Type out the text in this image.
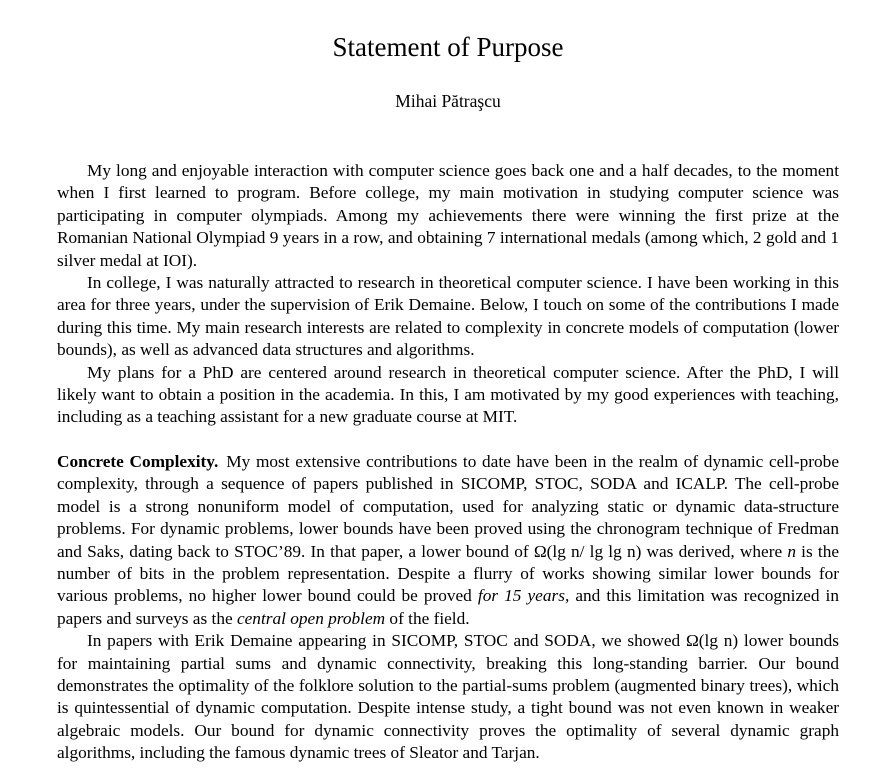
Statement of Purpose
Mihai Pătraşcu

My long and enjoyable interaction with computer science goes back one and a half decades, to the moment when I first learned to program. Before college, my main motivation in studying computer science was participating in computer olympiads. Among my achievements there were winning the first prize at the Romanian National Olympiad 9 years in a row, and obtaining 7 international medals (among which, 2 gold and 1 silver medal at IOI).

In college, I was naturally attracted to research in theoretical computer science. I have been working in this area for three years, under the supervision of Erik Demaine. Below, I touch on some of the contributions I made during this time. My main research interests are related to complexity in concrete models of computation (lower bounds), as well as advanced data structures and algorithms.

My plans for a PhD are centered around research in theoretical computer science. After the PhD, I will likely want to obtain a position in the academia. In this, I am motivated by my good experiences with teaching, including as a teaching assistant for a new graduate course at MIT.

Concrete Complexity. My most extensive contributions to date have been in the realm of dynamic cell-probe complexity, through a sequence of papers published in SICOMP, STOC, SODA and ICALP. The cell-probe model is a strong nonuniform model of computation, used for analyzing static or dynamic data-structure problems. For dynamic problems, lower bounds have been proved using the chronogram technique of Fredman and Saks, dating back to STOC’89. In that paper, a lower bound of Ω(lg n/ lg lg n) was derived, where n is the number of bits in the problem representation. Despite a flurry of works showing similar lower bounds for various problems, no higher lower bound could be proved for 15 years, and this limitation was recognized in papers and surveys as the central open problem of the field.

In papers with Erik Demaine appearing in SICOMP, STOC and SODA, we showed Ω(lg n) lower bounds for maintaining partial sums and dynamic connectivity, breaking this long-standing barrier. Our bound demonstrates the optimality of the folklore solution to the partial-sums problem (augmented binary trees), which is quintessential of dynamic computation. Despite intense study, a tight bound was not even known in weaker algebraic models. Our bound for dynamic connectivity proves the optimality of several dynamic graph algorithms, including the famous dynamic trees of Sleator and Tarjan.
